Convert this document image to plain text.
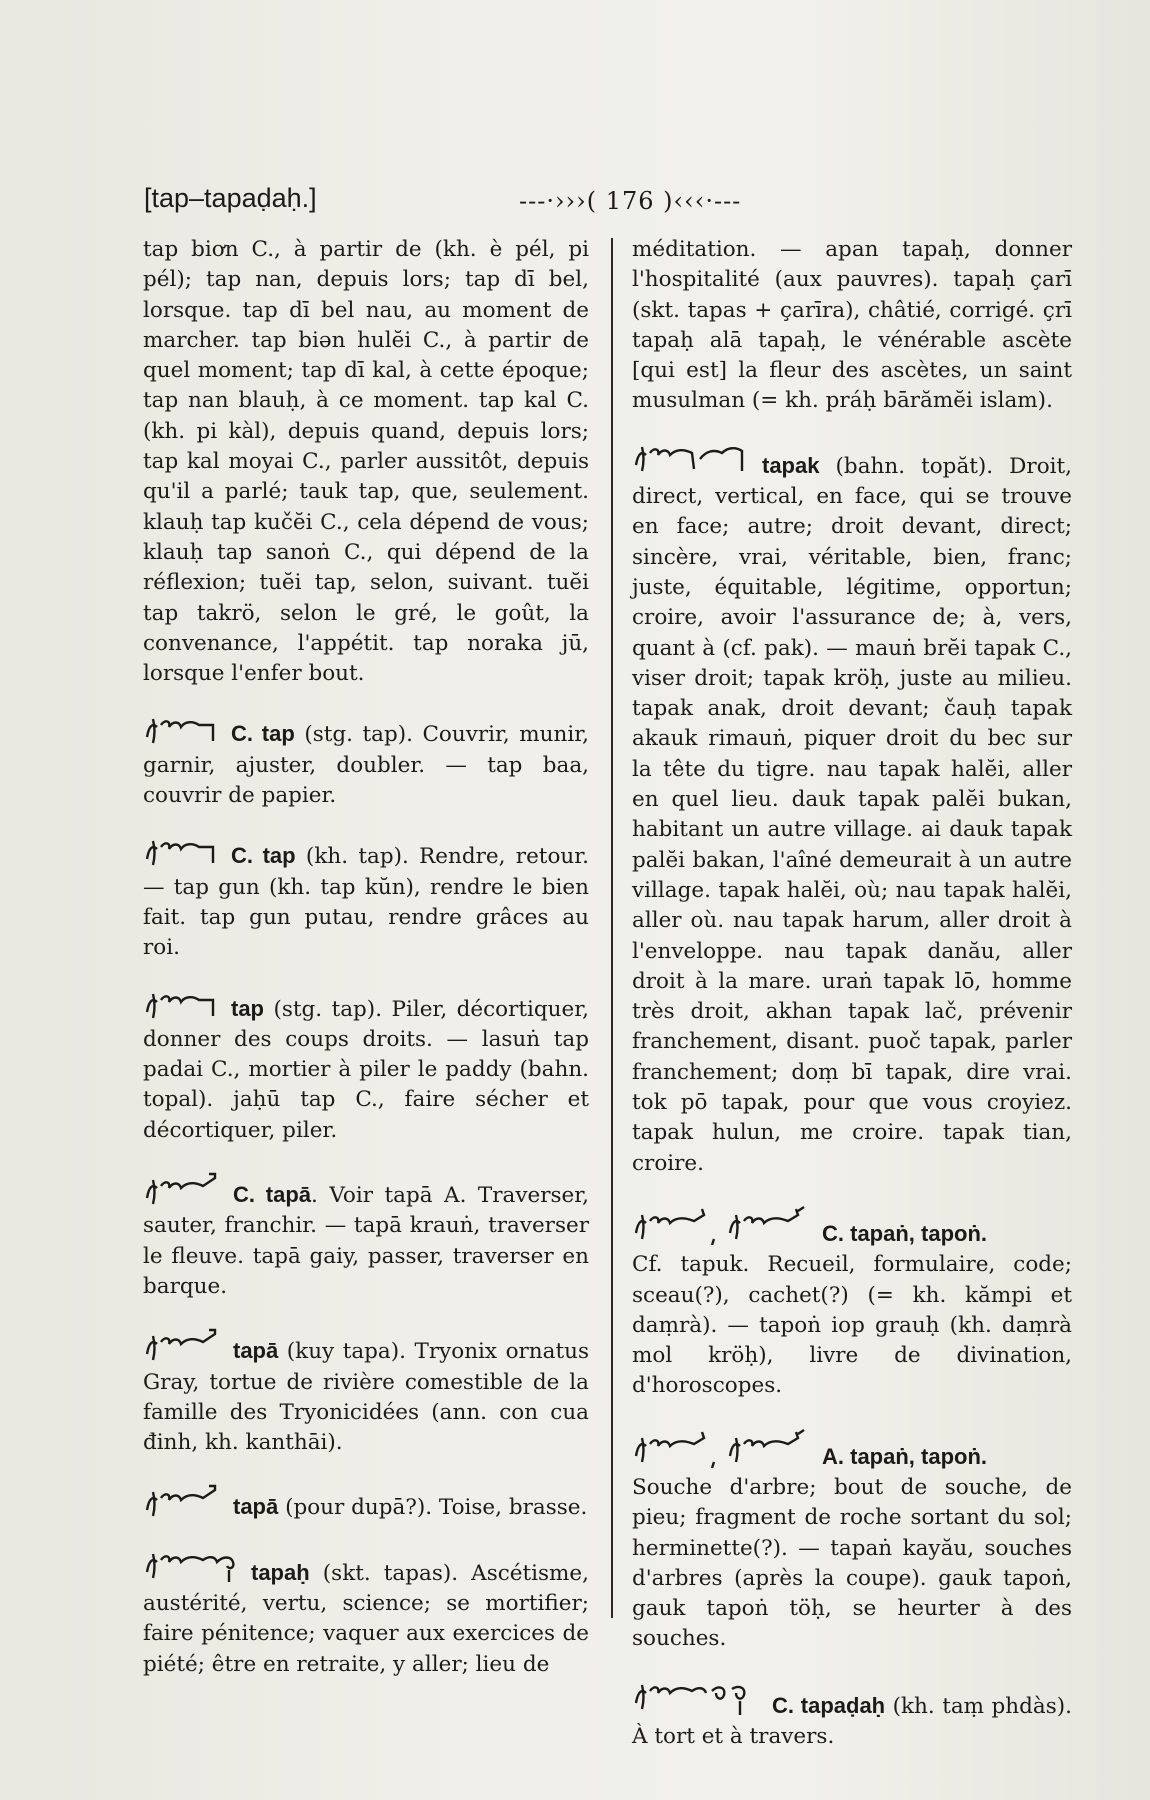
[tap–tapaḍaḥ.]	---·›››( 176 )‹‹‹·---

tap biơn C., à partir de (kh. è pél, pi pél); tap nan, depuis lors; tap dī bel, lorsque. tap dī bel nau, au moment de marcher. tap biən hulĕi C., à partir de quel moment; tap dī kal, à cette époque; tap nan blauḥ, à ce moment. tap kal C. (kh. pi kàl), depuis quand, depuis lors; tap kal moyai C., parler aussitôt, depuis qu'il a parlé; tauk tap, que, seulement. klauḥ tap kučĕi C., cela dépend de vous; klauḥ tap sanoṅ C., qui dépend de la réflexion; tuĕi tap, selon, suivant. tuĕi tap takrö, selon le gré, le goût, la convenance, l'appétit. tap noraka jū, lorsque l'enfer bout.

C. tap (stg. tap). Couvrir, munir, garnir, ajuster, doubler. — tap baa, couvrir de papier.

C. tap (kh. tap). Rendre, retour. — tap gun (kh. tap kŭn), rendre le bien fait. tap gun putau, rendre grâces au roi.

tap (stg. tap). Piler, décortiquer, donner des coups droits. — lasuṅ tap padai C., mortier à piler le paddy (bahn. topal). jaḥū tap C., faire sécher et décortiquer, piler.

C. tapā. Voir tapā A. Traverser, sauter, franchir. — tapā krauṅ, traverser le fleuve. tapā gaiy, passer, traverser en barque.

tapā (kuy tapa). Tryonix ornatus Gray, tortue de rivière comestible de la famille des Tryonicidées (ann. con cua đinh, kh. kanthāi).

tapā (pour dupā?). Toise, brasse.

tapaḥ (skt. tapas). Ascétisme, austérité, vertu, science; se mortifier; faire pénitence; vaquer aux exercices de piété; être en retraite, y aller; lieu de

méditation. — apan tapaḥ, donner l'hospitalité (aux pauvres). tapaḥ çarī (skt. tapas + çarīra), châtié, corrigé. çrī tapaḥ alā tapaḥ, le vénérable ascète [qui est] la fleur des ascètes, un saint musulman (= kh. práḥ bārămĕi islam).

tapak (bahn. topăt). Droit, direct, vertical, en face, qui se trouve en face; autre; droit devant, direct; sincère, vrai, véritable, bien, franc; juste, équitable, légitime, opportun; croire, avoir l'assurance de; à, vers, quant à (cf. pak). — mauṅ brĕi tapak C., viser droit; tapak kröḥ, juste au milieu. tapak anak, droit devant; čauḥ tapak akauk rimauṅ, piquer droit du bec sur la tête du tigre. nau tapak halĕi, aller en quel lieu. dauk tapak palĕi bukan, habitant un autre village. ai dauk tapak palĕi bakan, l'aîné demeurait à un autre village. tapak halĕi, où; nau tapak halĕi, aller où. nau tapak harum, aller droit à l'enveloppe. nau tapak danău, aller droit à la mare. uraṅ tapak lō, homme très droit, akhan tapak lač, prévenir franchement, disant. puoč tapak, parler franchement; doṃ bī tapak, dire vrai. tok pō tapak, pour que vous croyiez. tapak hulun, me croire. tapak tian, croire.

C. tapaṅ, tapoṅ.
Cf. tapuk. Recueil, formulaire, code; sceau(?), cachet(?) (= kh. kămpi et daṃrà). — tapoṅ iop grauḥ (kh. daṃrà mol kröḥ), livre de divination, d'horoscopes.

A. tapaṅ, tapoṅ.
Souche d'arbre; bout de souche, de pieu; fragment de roche sortant du sol; herminette(?). — tapaṅ kayău, souches d'arbres (après la coupe). gauk tapoṅ, gauk tapoṅ töḥ, se heurter à des souches.

C. tapaḍaḥ (kh. taṃ phdàs). À tort et à travers.
